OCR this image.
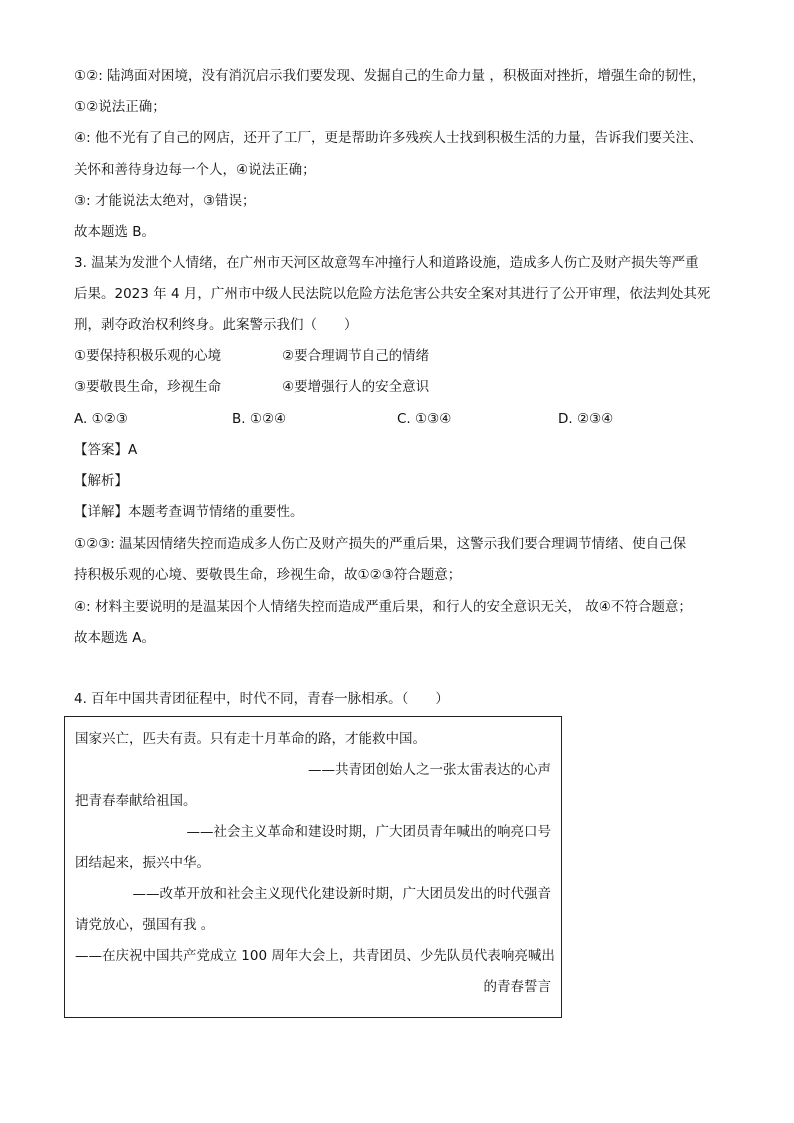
①②: 陆鸿面对困境，没有消沉启示我们要发现、发掘自己的生命力量 ，积极面对挫折，增强生命的韧性，
①②说法正确；
④: 他不光有了自己的网店，还开了工厂，更是帮助许多残疾人士找到积极生活的力量，告诉我们要关注、
关怀和善待身边每一个人，④说法正确；
③: 才能说法太绝对，③错误；
故本题选 B。
3. 温某为发泄个人情绪，在广州市天河区故意驾车冲撞行人和道路设施，造成多人伤亡及财产损失等严重
后果。2023 年 4 月，广州市中级人民法院以危险方法危害公共安全案对其进行了公开审理，依法判处其死
刑，剥夺政治权利终身。此案警示我们（　　）
①要保持积极乐观的心境	②要合理调节自己的情绪
③要敬畏生命，珍视生命	④要增强行人的安全意识
A. ①②③	B. ①②④	C. ①③④	D. ②③④
【答案】A
【解析】
【详解】本题考查调节情绪的重要性。
①②③: 温某因情绪失控而造成多人伤亡及财产损失的严重后果，这警示我们要合理调节情绪、使自己保
持积极乐观的心境、要敬畏生命，珍视生命，故①②③符合题意；
④: 材料主要说明的是温某因个人情绪失控而造成严重后果，和行人的安全意识无关， 故④不符合题意；
故本题选 A。
4. 百年中国共青团征程中，时代不同，青春一脉相承。（　　）
国家兴亡，匹夫有责。只有走十月革命的路，才能救中国。
——共青团创始人之一张太雷表达的心声
把青春奉献给祖国。
——社会主义革命和建设时期，广大团员青年喊出的响亮口号
团结起来，振兴中华。
——改革开放和社会主义现代化建设新时期，广大团员发出的时代强音
请党放心，强国有我 。
——在庆祝中国共产党成立 100 周年大会上，共青团员、少先队员代表响亮喊出
的青春誓言
